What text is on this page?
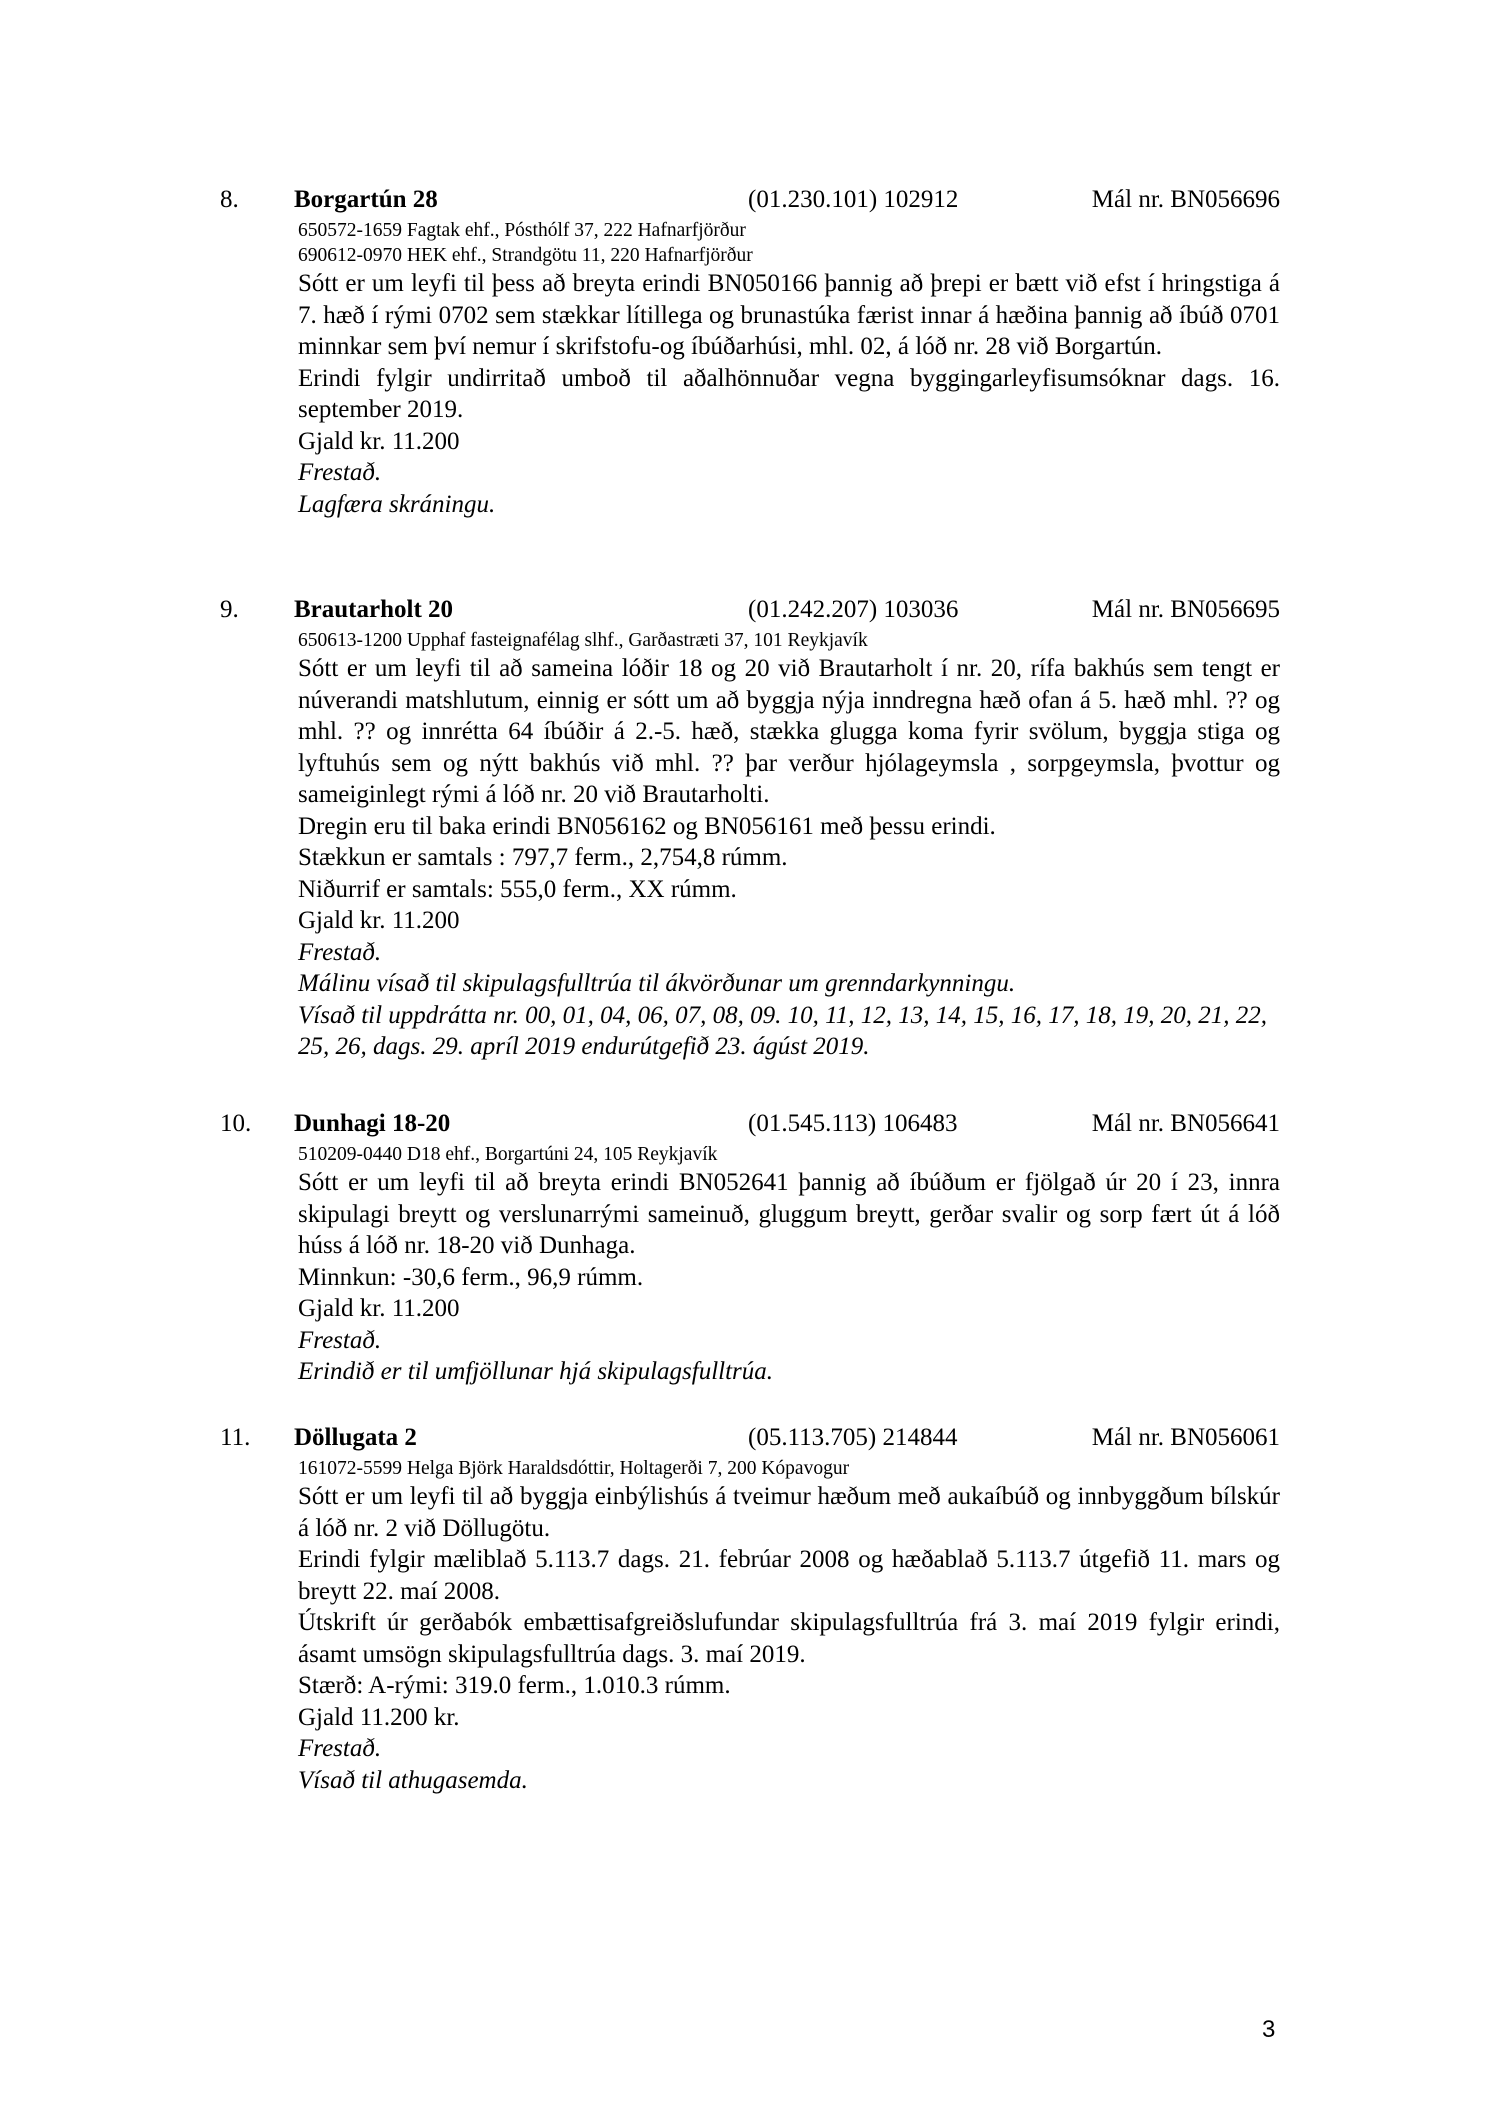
8. Borgartún 28	(01.230.101) 102912	Mál nr. BN056696
650572-1659 Fagtak ehf., Pósthólf 37, 222 Hafnarfjörður
690612-0970 HEK ehf., Strandgötu 11, 220 Hafnarfjörður
Sótt er um leyfi til þess að breyta erindi BN050166 þannig að þrepi er bætt við efst í hringstiga á 7. hæð í rými 0702 sem stækkar lítillega og brunastúka færist innar á hæðina þannig að íbúð 0701 minnkar sem því nemur í skrifstofu-og íbúðarhúsi, mhl. 02, á lóð nr. 28 við Borgartún.
Erindi fylgir undirritað umboð til aðalhönnuðar vegna byggingarleyfisumsóknar dags. 16. september 2019.
Gjald kr. 11.200
Frestað.
Lagfæra skráningu.
9. Brautarholt 20	(01.242.207) 103036	Mál nr. BN056695
650613-1200 Upphaf fasteignafélag slhf., Garðastræti 37, 101 Reykjavík
Sótt er um leyfi til að sameina lóðir 18 og 20 við Brautarholt í nr. 20, rífa bakhús sem tengt er núverandi matshlutum, einnig er sótt um að byggja nýja inndregna hæð ofan á 5. hæð mhl. ?? og mhl. ?? og innrétta 64 íbúðir á 2.-5. hæð, stækka glugga koma fyrir svölum, byggja stiga og lyftuhús sem og nýtt bakhús við mhl. ?? þar verður hjólageymsla , sorpgeymsla, þvottur og sameiginlegt rými á lóð nr. 20 við Brautarholti.
Dregin eru til baka erindi BN056162 og BN056161 með þessu erindi.
Stækkun er samtals : 797,7 ferm., 2,754,8 rúmm.
Niðurrif er samtals: 555,0 ferm., XX rúmm.
Gjald kr. 11.200
Frestað.
Málinu vísað til skipulagsfulltrúa til ákvörðunar um grenndarkynningu.
Vísað til uppdrátta nr. 00, 01, 04, 06, 07, 08, 09. 10, 11, 12, 13, 14, 15, 16, 17, 18, 19, 20, 21, 22, 25, 26, dags. 29. apríl 2019 endurútgefið 23. ágúst 2019.
10. Dunhagi 18-20	(01.545.113) 106483	Mál nr. BN056641
510209-0440 D18 ehf., Borgartúni 24, 105 Reykjavík
Sótt er um leyfi til að breyta erindi BN052641 þannig að íbúðum er fjölgað úr 20 í 23, innra skipulagi breytt og verslunarrými sameinuð, gluggum breytt, gerðar svalir og sorp fært út á lóð húss á lóð nr. 18-20 við Dunhaga.
Minnkun: -30,6 ferm., 96,9 rúmm.
Gjald kr. 11.200
Frestað.
Erindið er til umfjöllunar hjá skipulagsfulltrúa.
11. Döllugata 2	(05.113.705) 214844	Mál nr. BN056061
161072-5599 Helga Björk Haraldsdóttir, Holtagerði 7, 200 Kópavogur
Sótt er um leyfi til að byggja einbýlishús á tveimur hæðum með aukaíbúð og innbyggðum bílskúr á lóð nr. 2 við Döllugötu.
Erindi fylgir mæliblað 5.113.7 dags. 21. febrúar 2008 og hæðablað 5.113.7 útgefið 11. mars og breytt 22. maí 2008.
Útskrift úr gerðabók embættisafgreiðslufundar skipulagsfulltrúa frá 3. maí 2019 fylgir erindi, ásamt umsögn skipulagsfulltrúa dags. 3. maí 2019.
Stærð: A-rými: 319.0 ferm., 1.010.3 rúmm.
Gjald 11.200 kr.
Frestað.
Vísað til athugasemda.
3
